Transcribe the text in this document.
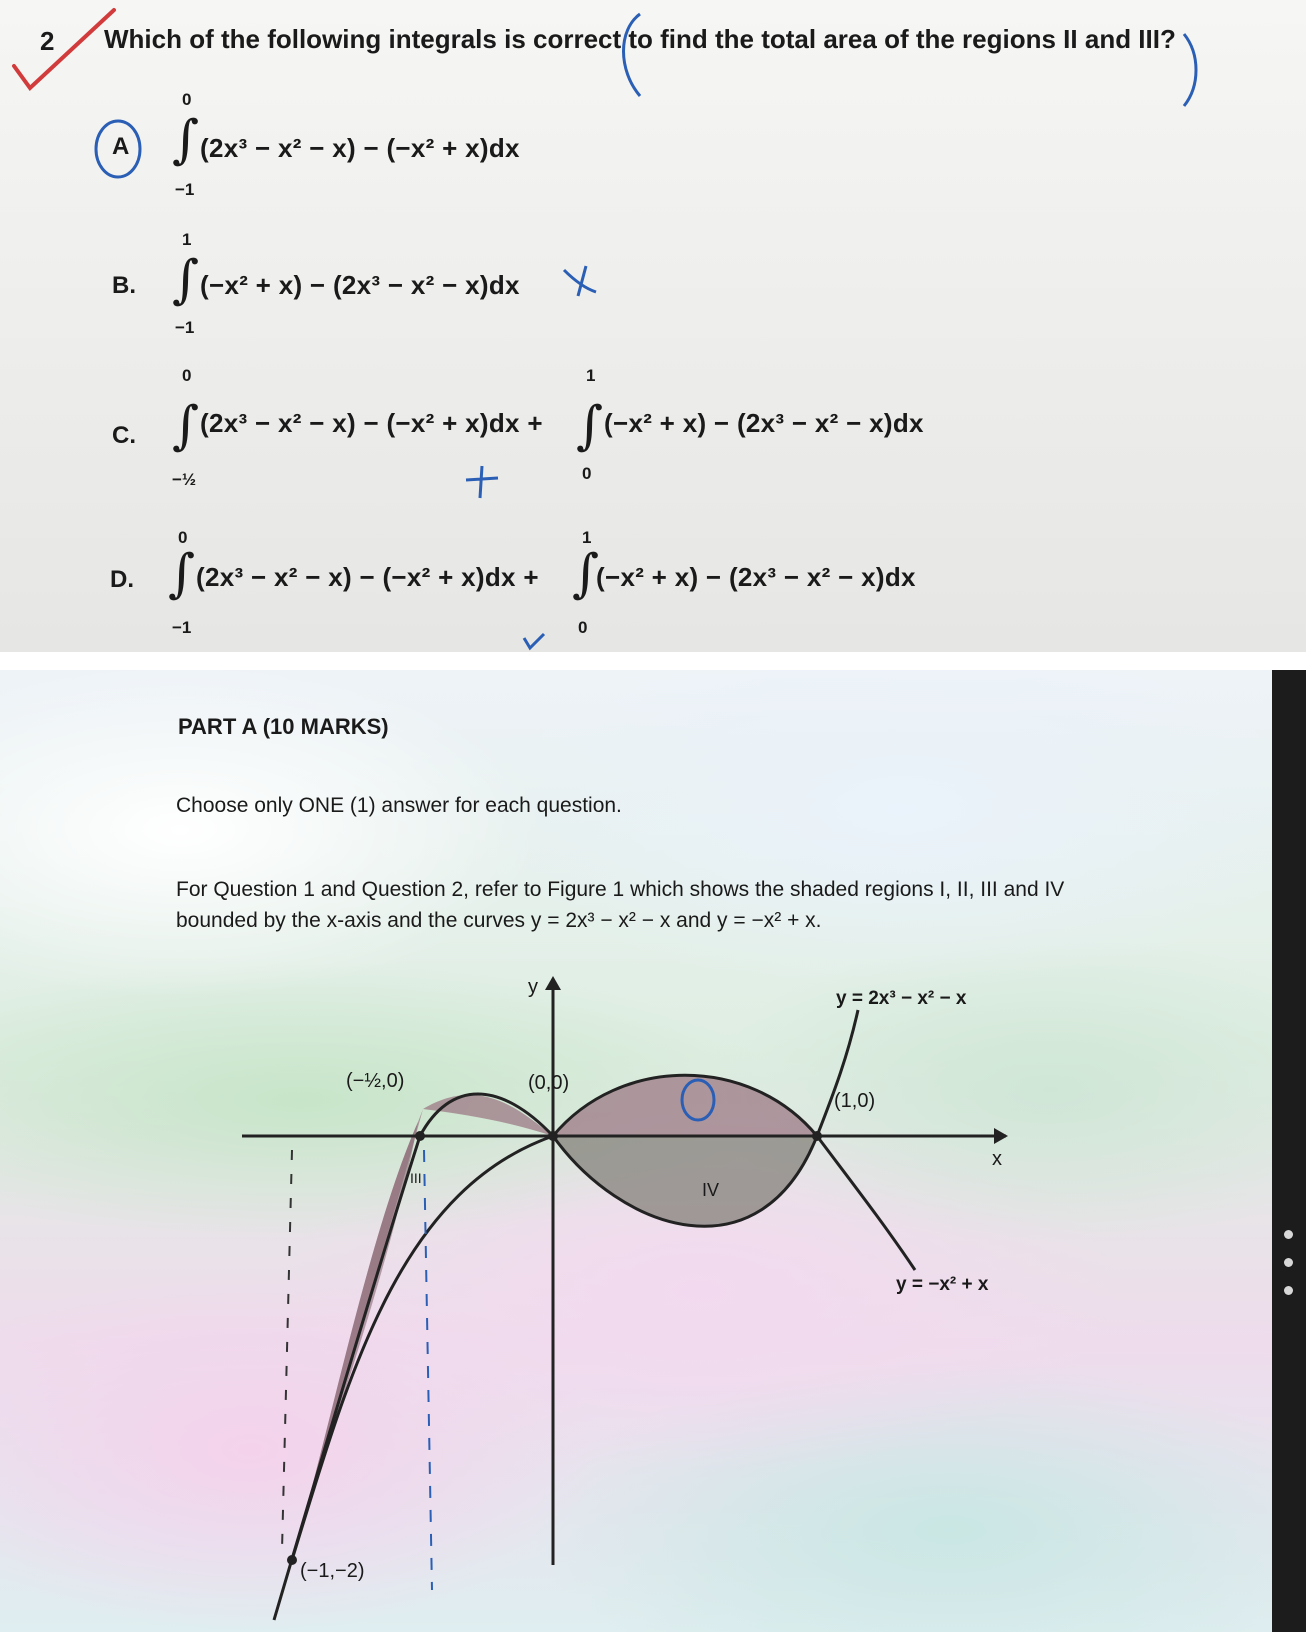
2 Which of the following integrals is correct to find the total area of the regions II and III?
A
0
∫
−1
(2x³ − x² − x) − (−x² + x)dx
B.
1
∫
−1
(−x² + x) − (2x³ − x² − x)dx
C.
0
∫
−½
(2x³ − x² − x) − (−x² + x)dx +
1
∫
0
(−x² + x) − (2x³ − x² − x)dx
D.
0
∫
−1
(2x³ − x² − x) − (−x² + x)dx +
1
∫
0
(−x² + x) − (2x³ − x² − x)dx
PART A (10 MARKS)
Choose only ONE (1) answer for each question.
For Question 1 and Question 2, refer to Figure 1 which shows the shaded regions I, II, III and IV bounded by the x-axis and the curves y = 2x³ − x² − x and y = −x² + x.
y
x
y = 2x³ − x² − x
y = −x² + x
(−½,0)	(0,0)
(1,0)
(−1,−2)
III
IV
